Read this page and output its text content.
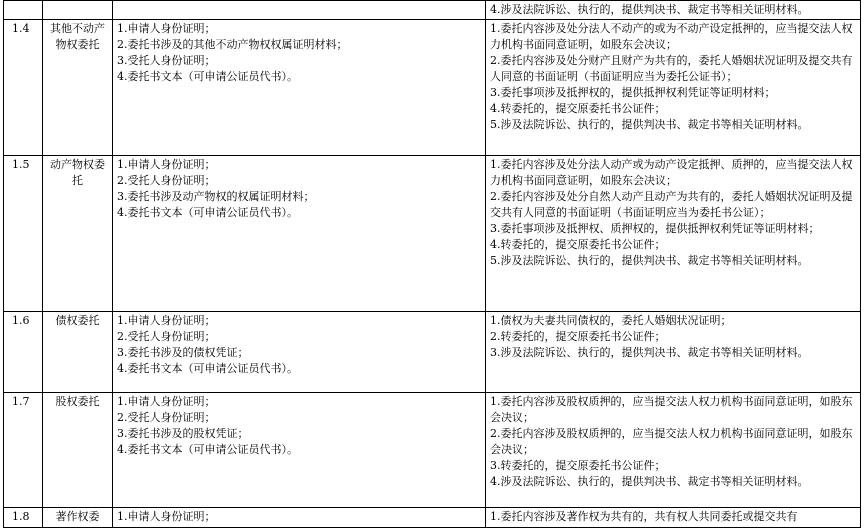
			4.涉及法院诉讼、执行的，提供判决书、裁定书等相关证明材料。

1.4	其他不动产物权委托	1.申请人身份证明；
2.委托书涉及的其他不动产物权权属证明材料；
3.受托人身份证明；
4.委托书文本（可申请公证员代书）。	1.委托内容涉及处分法人不动产的或为不动产设定抵押的，应当提交法人权力机构书面同意证明，如股东会决议；
2.委托内容涉及处分财产且财产为共有的，委托人婚姻状况证明及提交共有人同意的书面证明（书面证明应当为委托公证书）；
3.委托事项涉及抵押权的，提供抵押权利凭证等证明材料；
4.转委托的，提交原委托书公证件；
5.涉及法院诉讼、执行的，提供判决书、裁定书等相关证明材料。

1.5	动产物权委托	1.申请人身份证明；
2.受托人身份证明；
3.委托书涉及动产物权的权属证明材料；
4.委托书文本（可申请公证员代书）。	1.委托内容涉及处分法人动产或为动产设定抵押、质押的，应当提交法人权力机构书面同意证明，如股东会决议；
2.委托内容涉及处分自然人动产且动产为共有的，委托人婚姻状况证明及提交共有人同意的书面证明（书面证明应当为委托书公证）；
3.委托事项涉及抵押权、质押权的，提供抵押权利凭证等证明材料；
4.转委托的，提交原委托书公证件；
5.涉及法院诉讼、执行的，提供判决书、裁定书等相关证明材料。

1.6	债权委托	1.申请人身份证明；
2.受托人身份证明；
3.委托书涉及的债权凭证；
4.委托书文本（可申请公证员代书）。	1.债权为夫妻共同债权的，委托人婚姻状况证明；
2.转委托的，提交原委托书公证件；
3.涉及法院诉讼、执行的，提供判决书、裁定书等相关证明材料。

1.7	股权委托	1.申请人身份证明；
2.受托人身份证明；
3.委托书涉及的股权凭证；
4.委托书文本（可申请公证员代书）。	1.委托内容涉及股权质押的，应当提交法人权力机构书面同意证明，如股东会决议；
2.委托内容涉及股权质押的，应当提交法人权力机构书面同意证明，如股东会决议；
3.转委托的，提交原委托书公证件；
4.涉及法院诉讼、执行的，提供判决书、裁定书等相关证明材料。

1.8	著作权委	1.申请人身份证明；	1.委托内容涉及著作权为共有的，共有权人共同委托或提交共有
